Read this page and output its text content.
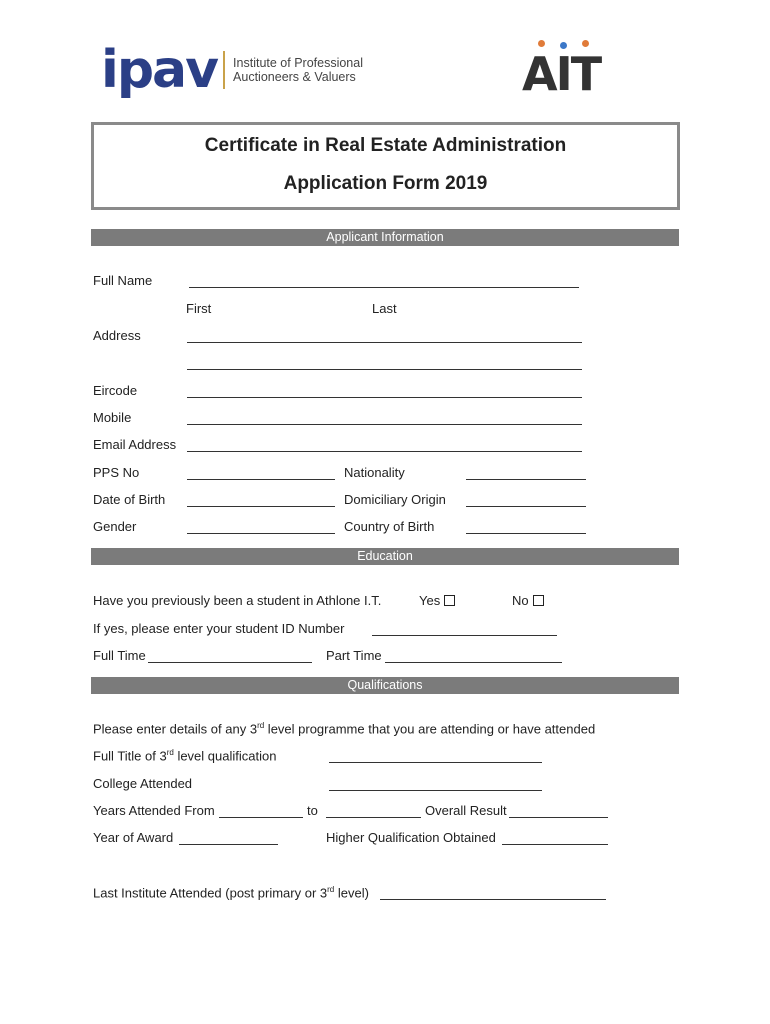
ipav Institute of Professional
Auctioneers & Valuers	AIT
Certificate in Real Estate Administration
Application Form 2019
Applicant Information
Full Name
First	Last
Address
Eircode
Mobile
Email Address
PPS No	Nationality
Date of Birth	Domiciliary Origin
Gender	Country of Birth
Education
Have you previously been a student in Athlone I.T.	Yes	No
If yes, please enter your student ID Number
Full Time	Part Time
Qualifications
Please enter details of any 3rd level programme that you are attending or have attended
Full Title of 3rd level qualification
College Attended
Years Attended From	to	Overall Result
Year of Award	Higher Qualification Obtained
Last Institute Attended (post primary or 3rd level)
